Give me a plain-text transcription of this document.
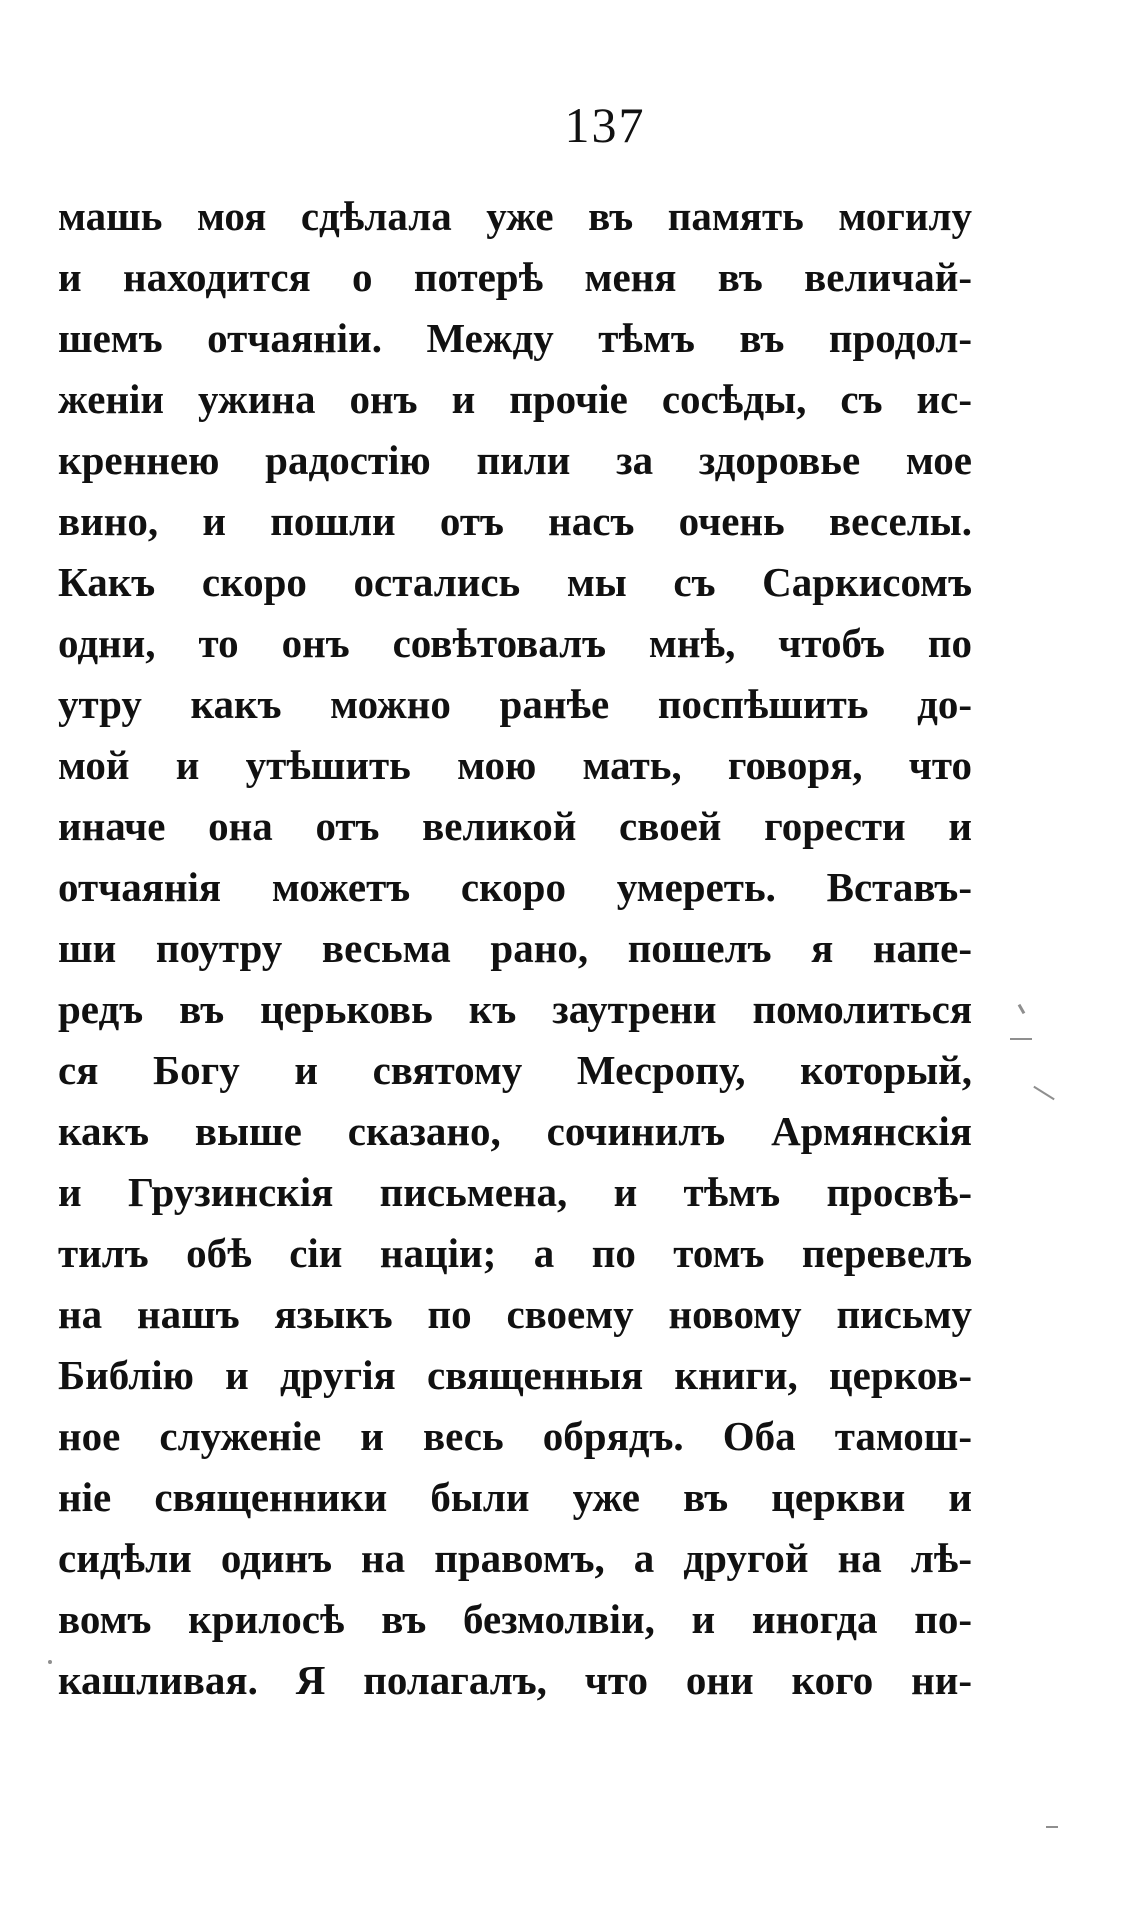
137
машь моя сдѣлала уже въ память могилу
и находится о потерѣ меня въ величай-
шемъ отчаяніи. Между тѣмъ въ продол-
женіи ужина онъ и прочіе сосѣды, съ ис-
креннею радостію пили за здоровье мое
вино, и пошли отъ насъ очень веселы.
Какъ скоро остались мы съ Саркисомъ
одни, то онъ совѣтовалъ мнѣ, чтобъ по
утру какъ можно ранѣе поспѣшить до-
мой и утѣшить мою мать, говоря, что
иначе она отъ великой своей горести и
отчаянія можетъ скоро умереть. Вставъ-
ши поутру весьма рано, пошелъ я напе-
редъ въ церьковь къ заутрени помолиться
ся Богу и святому Месропу, который,
какъ выше сказано, сочинилъ Армянскія
и Грузинскія письмена, и тѣмъ просвѣ-
тилъ обѣ сіи націи; а по томъ перевелъ
на нашъ языкъ по своему новому письму
Библію и другія священныя книги, церков-
ное служеніе и весь обрядъ. Оба тамош-
ніе священники были уже въ церкви и
сидѣли одинъ на правомъ, а другой на лѣ-
вомъ крилосѣ въ безмолвіи, и иногда по-
кашливая. Я полагалъ, что они кого ни-
